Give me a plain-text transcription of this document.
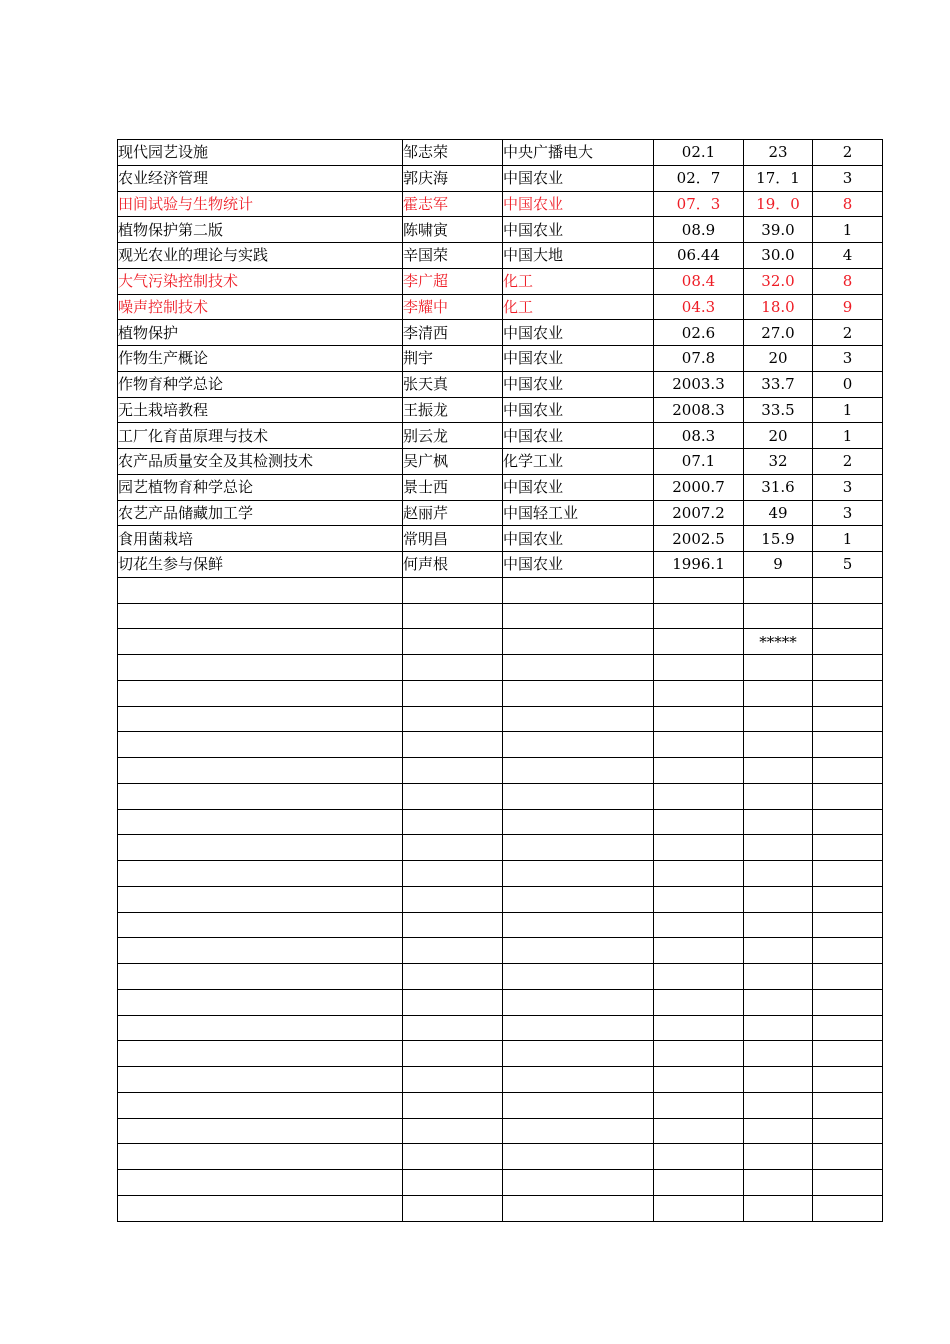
现代园艺设施	邹志荣	中央广播电大	02.1	23	2
农业经济管理	郭庆海	中国农业	02．7	17．1	3
田间试验与生物统计	霍志军	中国农业	07．3	19．0	8
植物保护第二版	陈啸寅	中国农业	08.9	39.0	1
观光农业的理论与实践	辛国荣	中国大地	06.44	30.0	4
大气污染控制技术	李广超	化工	08.4	32.0	8
噪声控制技术	李耀中	化工	04.3	18.0	9
植物保护	李清西	中国农业	02.6	27.0	2
作物生产概论	荆宇	中国农业	07.8	20	3
作物育种学总论	张天真	中国农业	2003.3	33.7	0
无土栽培教程	王振龙	中国农业	2008.3	33.5	1
工厂化育苗原理与技术	别云龙	中国农业	08.3	20	1
农产品质量安全及其检测技术	吴广枫	化学工业	07.1	32	2
园艺植物育种学总论	景士西	中国农业	2000.7	31.6	3
农艺产品储藏加工学	赵丽芹	中国轻工业	2007.2	49	3
食用菌栽培	常明昌	中国农业	2002.5	15.9	1
切花生参与保鲜	何声根	中国农业	1996.1	9	5

				*****	
